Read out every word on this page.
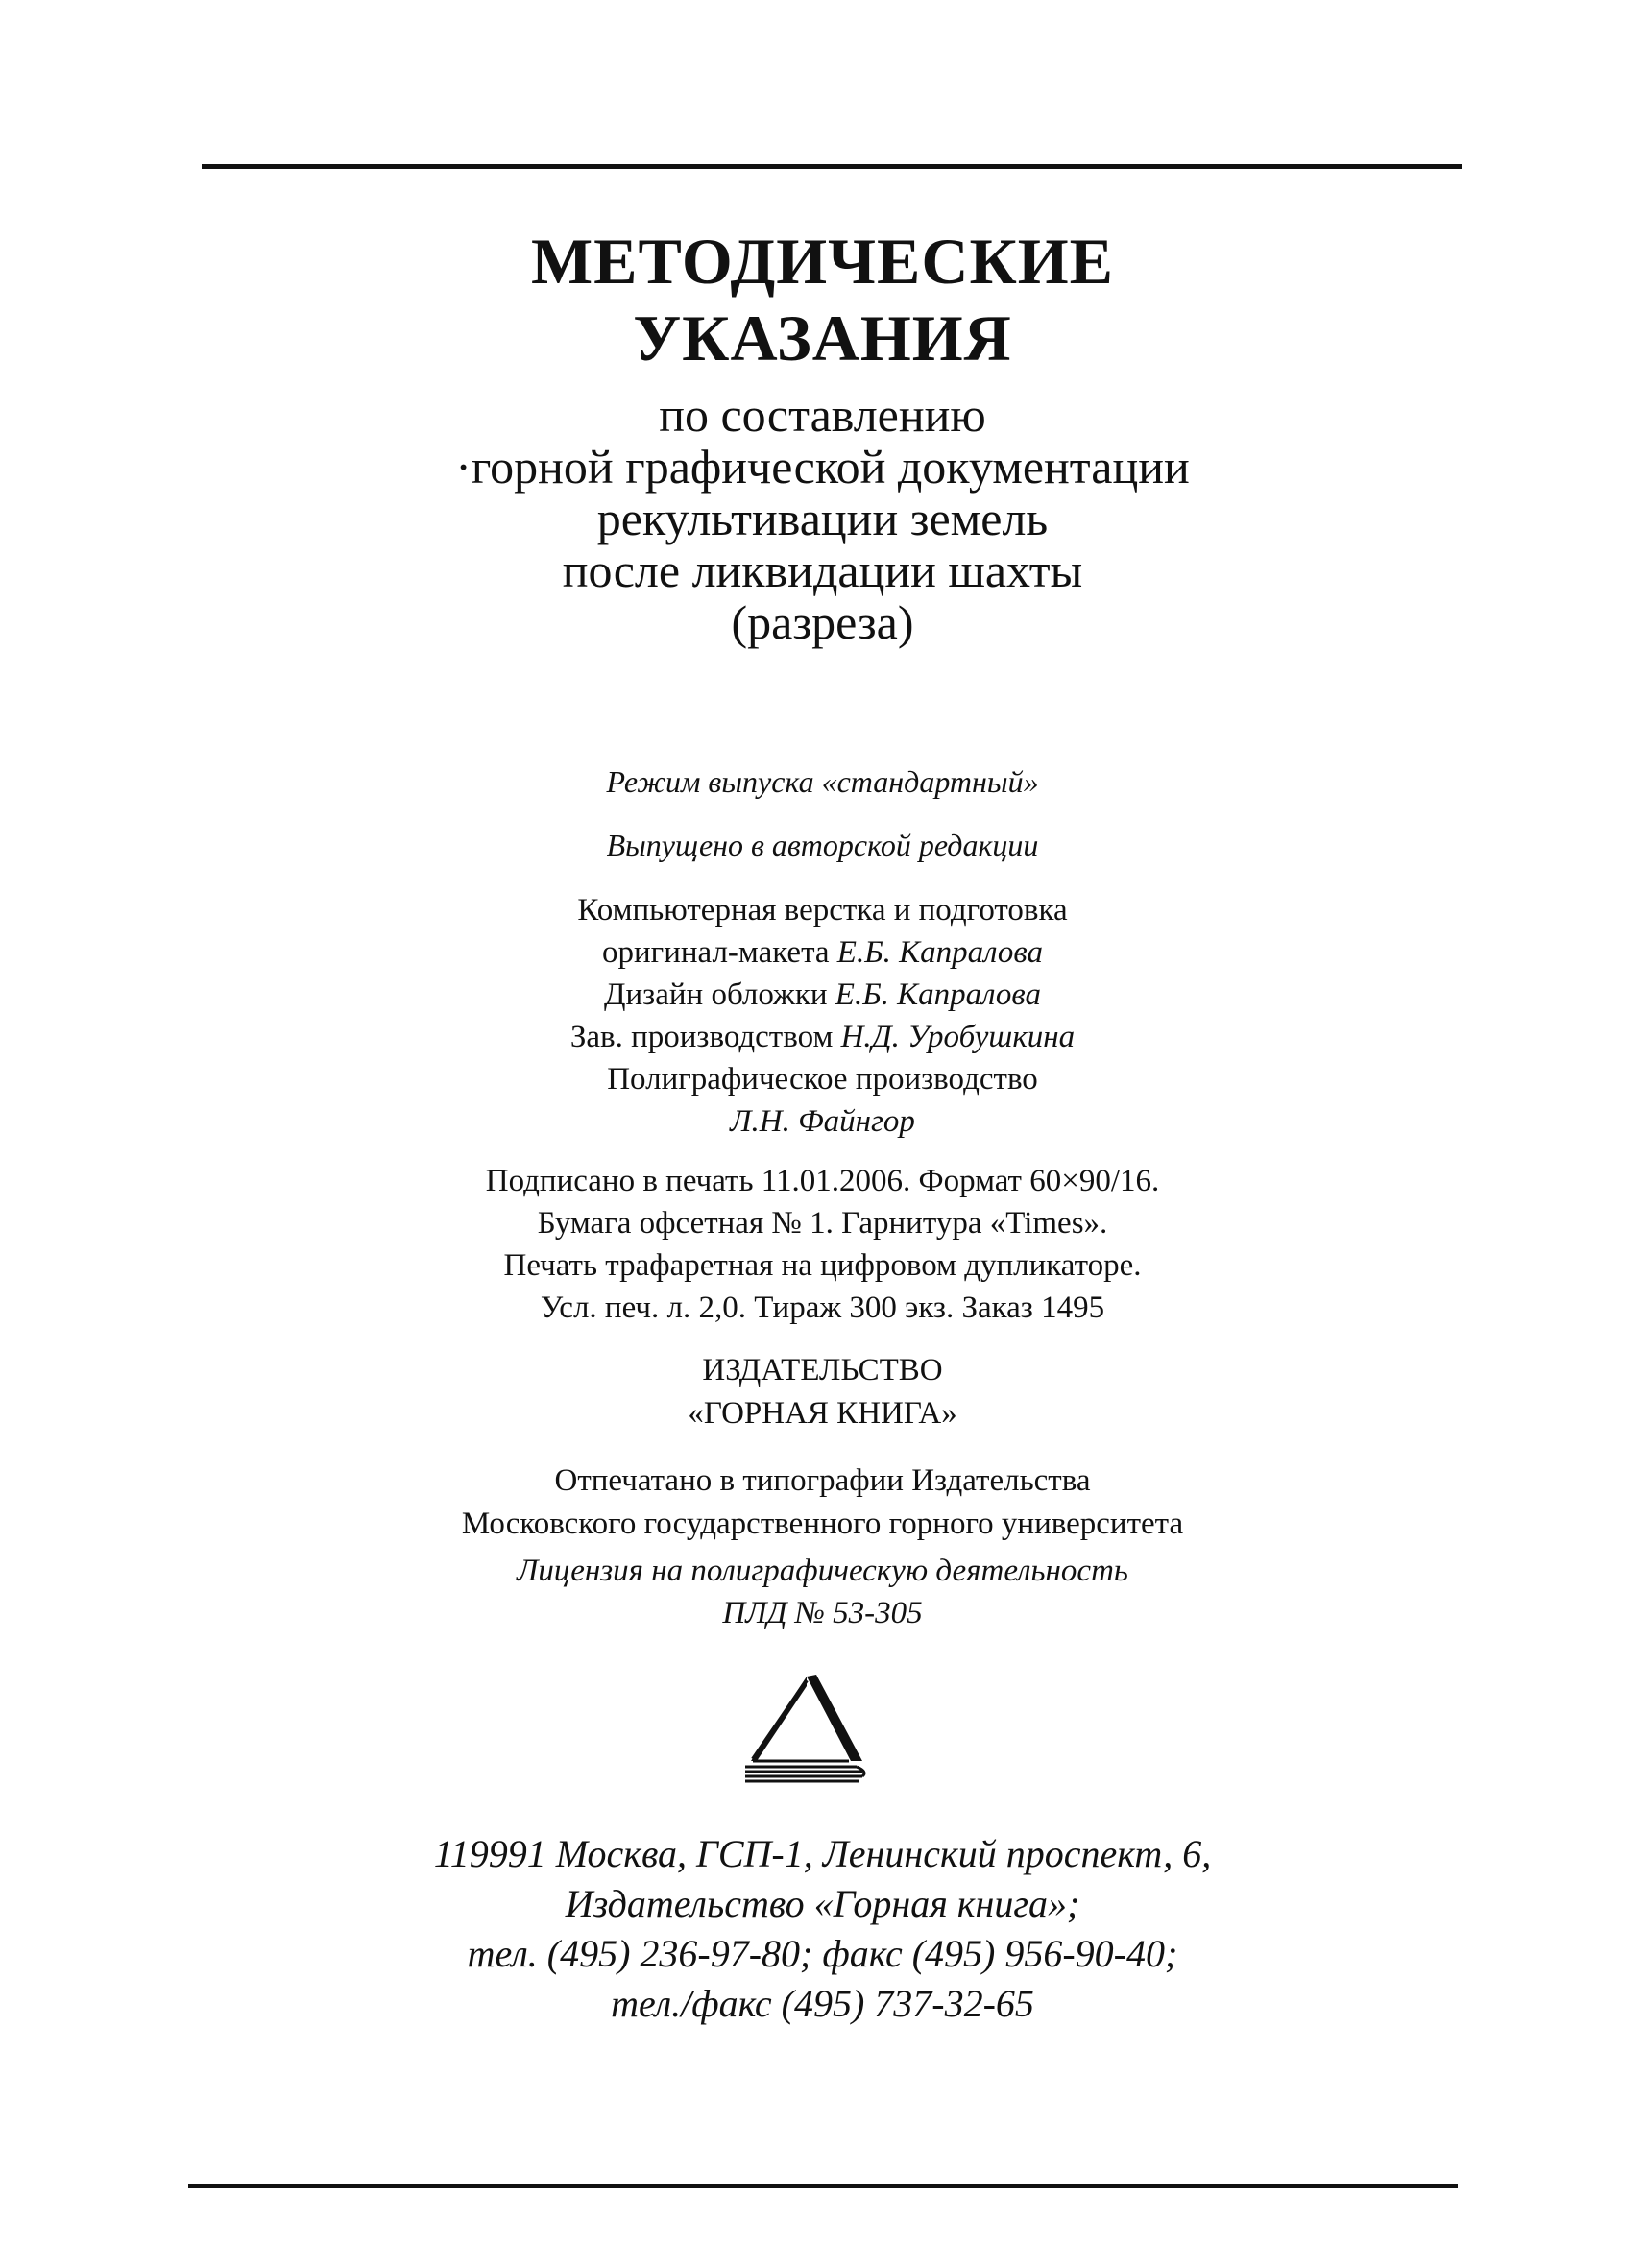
МЕТОДИЧЕСКИЕ
УКАЗАНИЯ
по составлению
·горной графической документации
рекультивации земель
после ликвидации шахты
(разреза)
Режим выпуска «стандартный»
Выпущено в авторской редакции
Компьютерная верстка и подготовка
оригинал-макета Е.Б. Капралова
Дизайн обложки Е.Б. Капралова
Зав. производством Н.Д. Уробушкина
Полиграфическое производство
Л.Н. Файнгор
Подписано в печать 11.01.2006. Формат 60×90/16.
Бумага офсетная № 1. Гарнитура «Times».
Печать трафаретная на цифровом дупликаторе.
Усл. печ. л. 2,0. Тираж 300 экз. Заказ 1495
ИЗДАТЕЛЬСТВО
«ГОРНАЯ КНИГА»
Отпечатано в типографии Издательства
Московского государственного горного университета
Лицензия на полиграфическую деятельность
ПЛД № 53-305
119991 Москва, ГСП-1, Ленинский проспект, 6,
Издательство «Горная книга»;
тел. (495) 236-97-80; факс (495) 956-90-40;
тел./факс (495) 737-32-65
